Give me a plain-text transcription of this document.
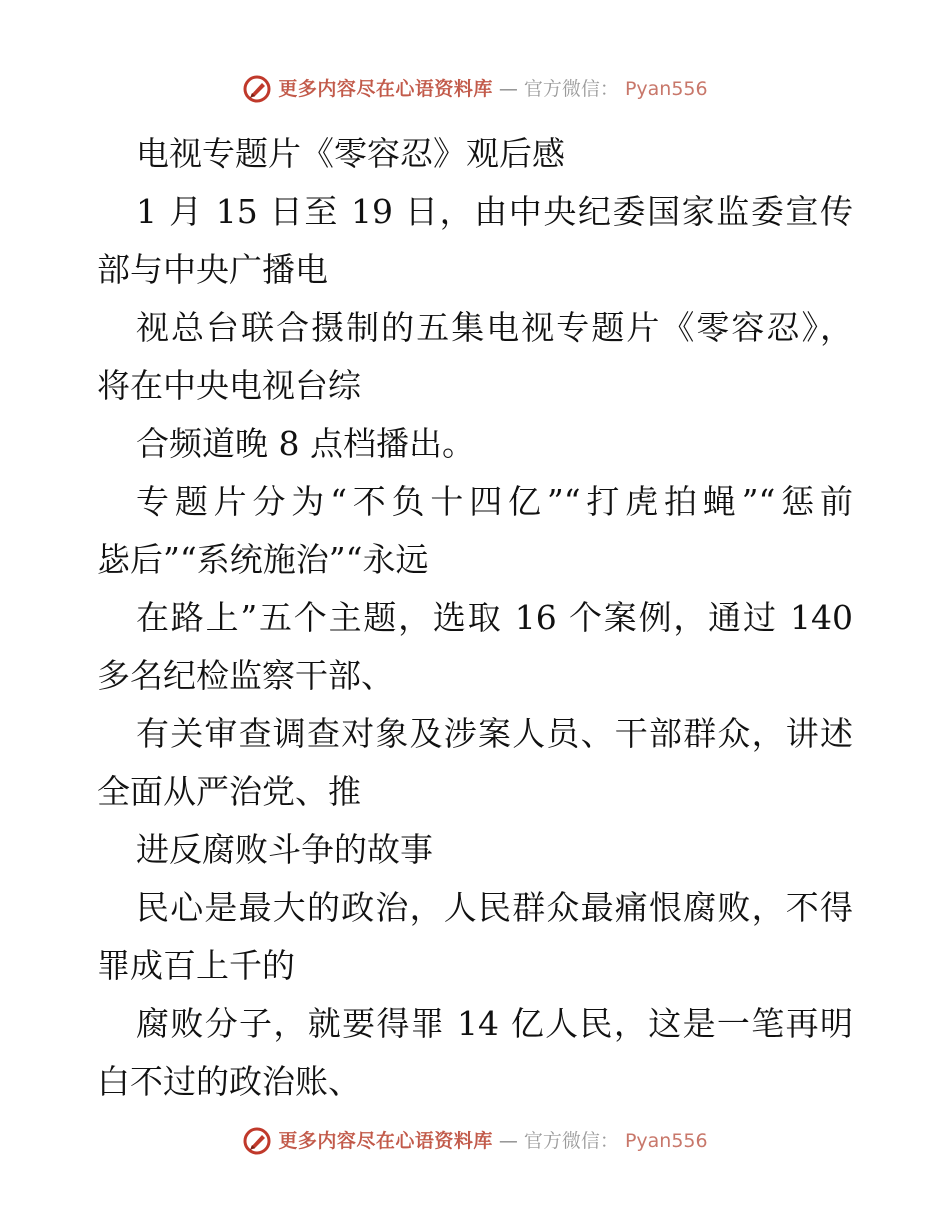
更多内容尽在心语资料库 — 官方微信： Pyan556
电视专题片《零容忍》观后感
1 月 15 日至 19 日，由中央纪委国家监委宣传
部与中央广播电
视总台联合摄制的五集电视专题片《零容忍》，
将在中央电视台综
合频道晚 8 点档播出。
专题片分为“不负十四亿”“打虎拍蝇”“惩前
毖后”“系统施治”“永远
在路上”五个主题，选取 16 个案例，通过 140
多名纪检监察干部、
有关审查调查对象及涉案人员、干部群众，讲述
全面从严治党、推
进反腐败斗争的故事
民心是最大的政治，人民群众最痛恨腐败，不得
罪成百上千的
腐败分子，就要得罪 14 亿人民，这是一笔再明
白不过的政治账、
更多内容尽在心语资料库 — 官方微信： Pyan556
